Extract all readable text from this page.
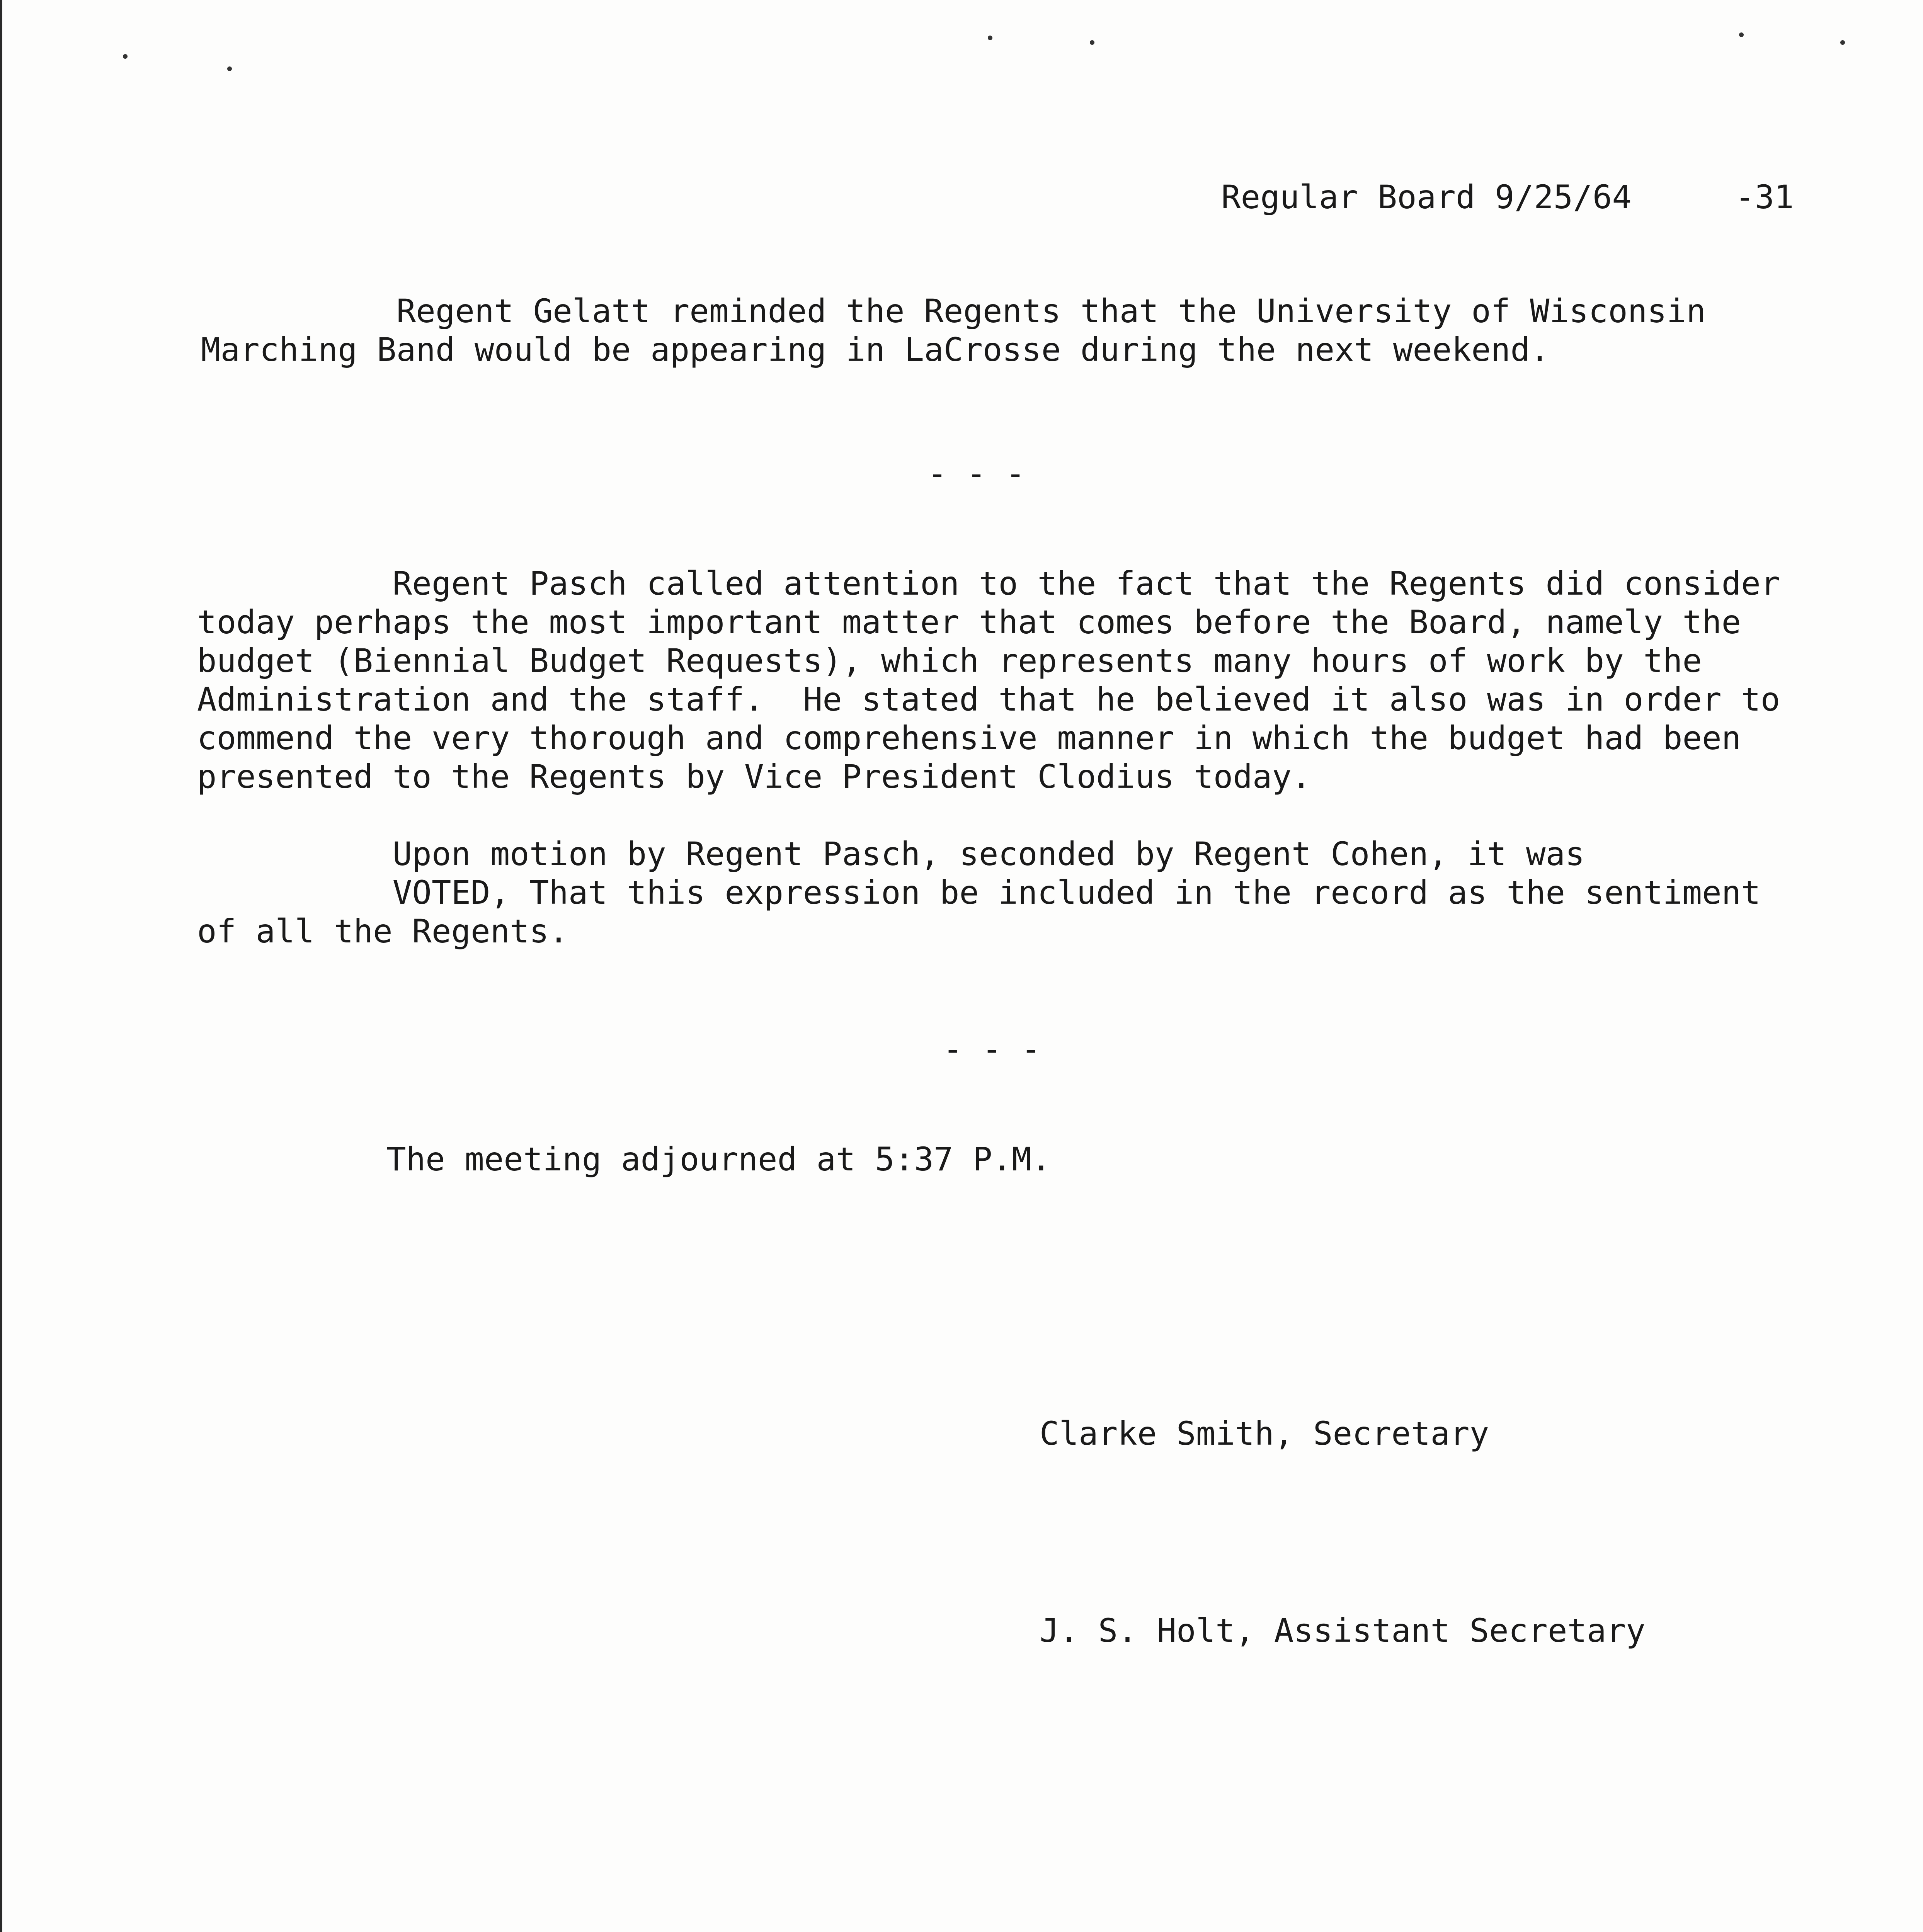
Regular Board 9/25/64	-31
Regent Gelatt reminded the Regents that the University of Wisconsin
Marching Band would be appearing in LaCrosse during the next weekend.
- - -
Regent Pasch called attention to the fact that the Regents did consider
today perhaps the most important matter that comes before the Board, namely the
budget (Biennial Budget Requests), which represents many hours of work by the
Administration and the staff.  He stated that he believed it also was in order to
commend the very thorough and comprehensive manner in which the budget had been
presented to the Regents by Vice President Clodius today.
Upon motion by Regent Pasch, seconded by Regent Cohen, it was
VOTED, That this expression be included in the record as the sentiment
of all the Regents.
- - -
The meeting adjourned at 5:37 P.M.
Clarke Smith, Secretary
J. S. Holt, Assistant Secretary
